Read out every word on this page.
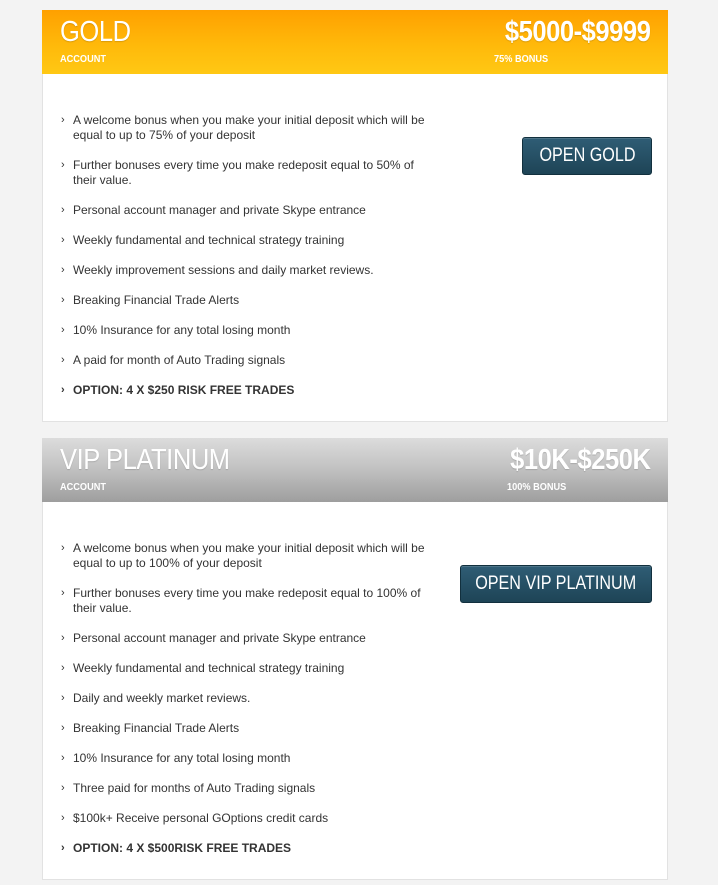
GOLD
ACCOUNT
$5000-$9999
75% BONUS
› A welcome bonus when you make your initial deposit which will be equal to up to 75% of your deposit
› Further bonuses every time you make redeposit equal to 50% of their value.
› Personal account manager and private Skype entrance
› Weekly fundamental and technical strategy training
› Weekly improvement sessions and daily market reviews.
› Breaking Financial Trade Alerts
› 10% Insurance for any total losing month
› A paid for month of Auto Trading signals
› OPTION: 4 X $250 RISK FREE TRADES
OPEN GOLD
VIP PLATINUM
ACCOUNT
$10K-$250K
100% BONUS
› A welcome bonus when you make your initial deposit which will be equal to up to 100% of your deposit
› Further bonuses every time you make redeposit equal to 100% of their value.
› Personal account manager and private Skype entrance
› Weekly fundamental and technical strategy training
› Daily and weekly market reviews.
› Breaking Financial Trade Alerts
› 10% Insurance for any total losing month
› Three paid for months of Auto Trading signals
› $100k+ Receive personal GOptions credit cards
› OPTION: 4 X $500RISK FREE TRADES
OPEN VIP PLATINUM
